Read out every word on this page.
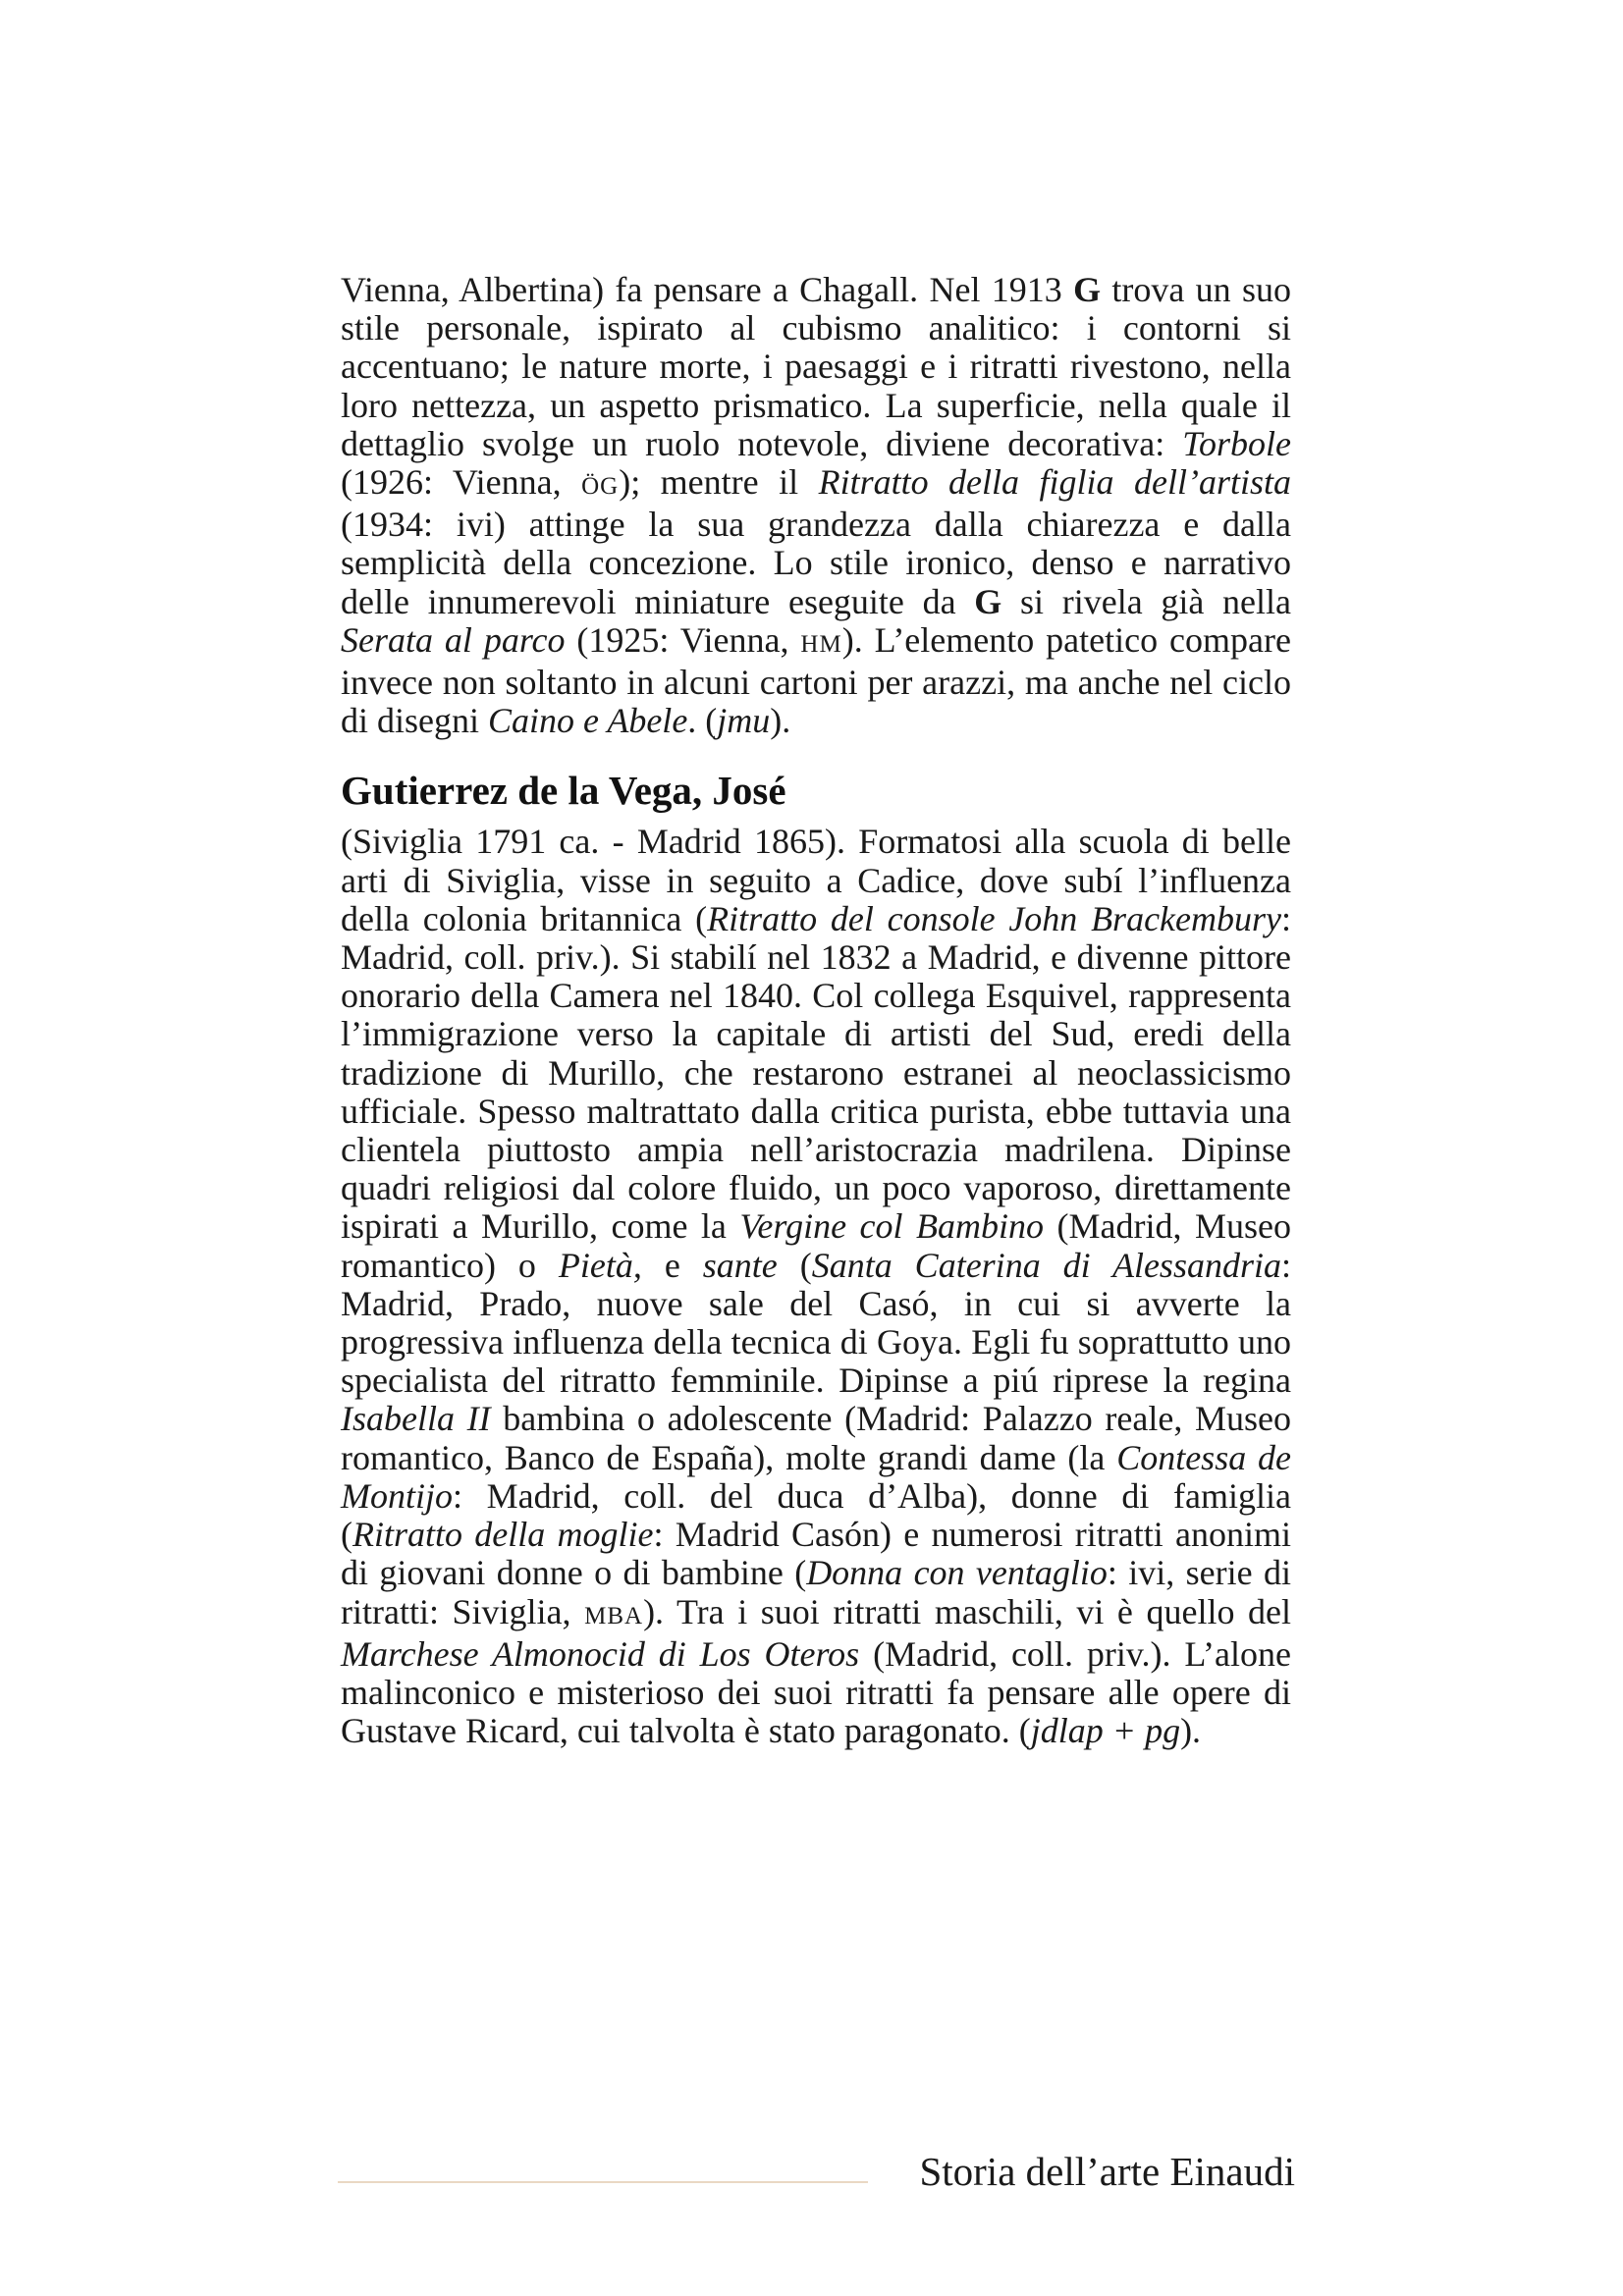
Vienna, Albertina) fa pensare a Chagall. Nel 1913 G trova un suo stile personale, ispirato al cubismo analitico: i contorni si accentuano; le nature morte, i paesaggi e i ritratti rivestono, nella loro nettezza, un aspetto prismatico. La superficie, nella quale il dettaglio svolge un ruolo notevole, diviene decorativa: Torbole (1926: Vienna, ÖG); mentre il Ritratto della figlia dell’artista (1934: ivi) attinge la sua grandezza dalla chiarezza e dalla semplicità della concezione. Lo stile ironico, denso e narrativo delle innumerevoli miniature eseguite da G si rivela già nella Serata al parco (1925: Vienna, HM). L’elemento patetico compare invece non soltanto in alcuni cartoni per arazzi, ma anche nel ciclo di disegni Caino e Abele. (jmu).

Gutierrez de la Vega, José

(Siviglia 1791 ca. - Madrid 1865). Formatosi alla scuola di belle arti di Siviglia, visse in seguito a Cadice, dove subí l’influenza della colonia britannica (Ritratto del console John Brackembury: Madrid, coll. priv.). Si stabilí nel 1832 a Madrid, e divenne pittore onorario della Camera nel 1840. Col collega Esquivel, rappresenta l’immigrazione verso la capitale di artisti del Sud, eredi della tradizione di Murillo, che restarono estranei al neoclassicismo ufficiale. Spesso maltrattato dalla critica purista, ebbe tuttavia una clientela piuttosto ampia nell’aristocrazia madrilena. Dipinse quadri religiosi dal colore fluido, un poco vaporoso, direttamente ispirati a Murillo, come la Vergine col Bambino (Madrid, Museo romantico) o Pietà, e sante (Santa Caterina di Alessandria: Madrid, Prado, nuove sale del Casó, in cui si avverte la progressiva influenza della tecnica di Goya. Egli fu soprattutto uno specialista del ritratto femminile. Dipinse a piú riprese la regina Isabella II bambina o adolescente (Madrid: Palazzo reale, Museo romantico, Banco de España), molte grandi dame (la Contessa de Montijo: Madrid, coll. del duca d’Alba), donne di famiglia (Ritratto della moglie: Madrid Casón) e numerosi ritratti anonimi di giovani donne o di bambine (Donna con ventaglio: ivi, serie di ritratti: Siviglia, MBA). Tra i suoi ritratti maschili, vi è quello del Marchese Almonocid di Los Oteros (Madrid, coll. priv.). L’alone malinconico e misterioso dei suoi ritratti fa pensare alle opere di Gustave Ricard, cui talvolta è stato paragonato. (jdlap + pg).

Storia dell’arte Einaudi
